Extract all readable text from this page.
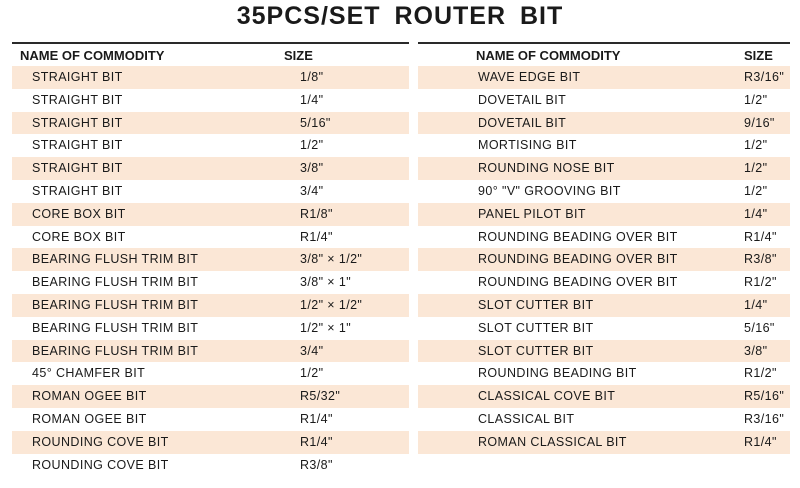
35PCS/SET ROUTER BIT
NAME OF COMMODITY	SIZE
STRAIGHT BIT	1/8"
STRAIGHT BIT	1/4"
STRAIGHT BIT	5/16"
STRAIGHT BIT	1/2"
STRAIGHT BIT	3/8"
STRAIGHT BIT	3/4"
CORE BOX BIT	R1/8"
CORE BOX BIT	R1/4"
BEARING FLUSH TRIM BIT	3/8" × 1/2"
BEARING FLUSH TRIM BIT	3/8" × 1"
BEARING FLUSH TRIM BIT	1/2" × 1/2"
BEARING FLUSH TRIM BIT	1/2" × 1"
BEARING FLUSH TRIM BIT	3/4"
45° CHAMFER BIT	1/2"
ROMAN OGEE BIT	R5/32"
ROMAN OGEE BIT	R1/4"
ROUNDING COVE BIT	R1/4"
ROUNDING COVE BIT	R3/8"
NAME OF COMMODITY	SIZE
WAVE EDGE BIT	R3/16"
DOVETAIL BIT	1/2"
DOVETAIL BIT	9/16"
MORTISING BIT	1/2"
ROUNDING NOSE BIT	1/2"
90° "V" GROOVING BIT	1/2"
PANEL PILOT BIT	1/4"
ROUNDING BEADING OVER BIT	R1/4"
ROUNDING BEADING OVER BIT	R3/8"
ROUNDING BEADING OVER BIT	R1/2"
SLOT CUTTER BIT	1/4"
SLOT CUTTER BIT	5/16"
SLOT CUTTER BIT	3/8"
ROUNDING BEADING BIT	R1/2"
CLASSICAL COVE BIT	R5/16"
CLASSICAL BIT	R3/16"
ROMAN CLASSICAL BIT	R1/4"
